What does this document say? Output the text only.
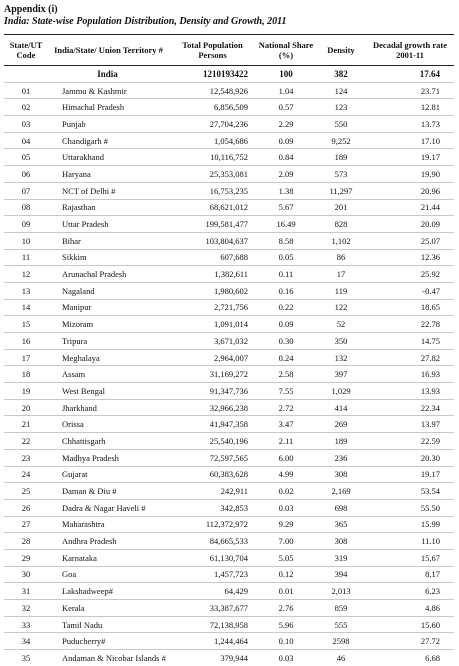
Appendix (i)
India: State-wise Population Distribution, Density and Growth, 2011
State/UT Code	India/State/ Union Territory #	Total Population Persons	National Share (%)	Density	Decadal growth rate 2001-11
	India	1210193422	100	382	17.64
01	Jammu & Kashmir	12,548,926	1.04	124	23.71
02	Himachal Pradesh	6,856,509	0.57	123	12.81
03	Punjab	27,704,236	2.29	550	13.73
04	Chandigarh #	1,054,686	0.09	9,252	17.10
05	Uttarakhand	10,116,752	0.84	189	19.17
06	Haryana	25,353,081	2.09	573	19.90
07	NCT of Delhi #	16,753,235	1.38	11,297	20.96
08	Rajasthan	68,621,012	5.67	201	21.44
09	Uttar Pradesh	199,581,477	16.49	828	20.09
10	Bihar	103,804,637	8.58	1,102	25.07
11	Sikkim	607,688	0.05	86	12.36
12	Arunachal Pradesh	1,382,611	0.11	17	25.92
13	Nagaland	1,980,602	0.16	119	-0.47
14	Manipur	2,721,756	0.22	122	18.65
15	Mizoram	1,091,014	0.09	52	22.78
16	Tripura	3,671,032	0.30	350	14.75
17	Meghalaya	2,964,007	0.24	132	27.82
18	Assam	31,169,272	2.58	397	16.93
19	West Bengal	91,347,736	7.55	1,029	13.93
20	Jharkhand	32,966,238	2.72	414	22.34
21	Orissa	41,947,358	3.47	269	13.97
22	Chhattisgarh	25,540,196	2.11	189	22.59
23	Madhya Pradesh	72,597,565	6.00	236	20.30
24	Gujarat	60,383,628	4.99	308	19.17
25	Daman & Diu #	242,911	0.02	2,169	53.54
26	Dadra & Nagar Haveli #	342,853	0.03	698	55.50
27	Maharashtra	112,372,972	9.29	365	15.99
28	Andhra Pradesh	84,665,533	7.00	308	11.10
29	Karnataka	61,130,704	5.05	319	15.67
30	Goa	1,457,723	0.12	394	8.17
31	Lakshadweep#	64,429	0.01	2,013	6.23
32	Kerala	33,387,677	2.76	859	4.86
33	Tamil Nadu	72,138,958	5.96	555	15.60
34	Puducherry#	1,244,464	0.10	2598	27.72
35	Andaman & Nicobar Islands #	379,944	0.03	46	6.68
